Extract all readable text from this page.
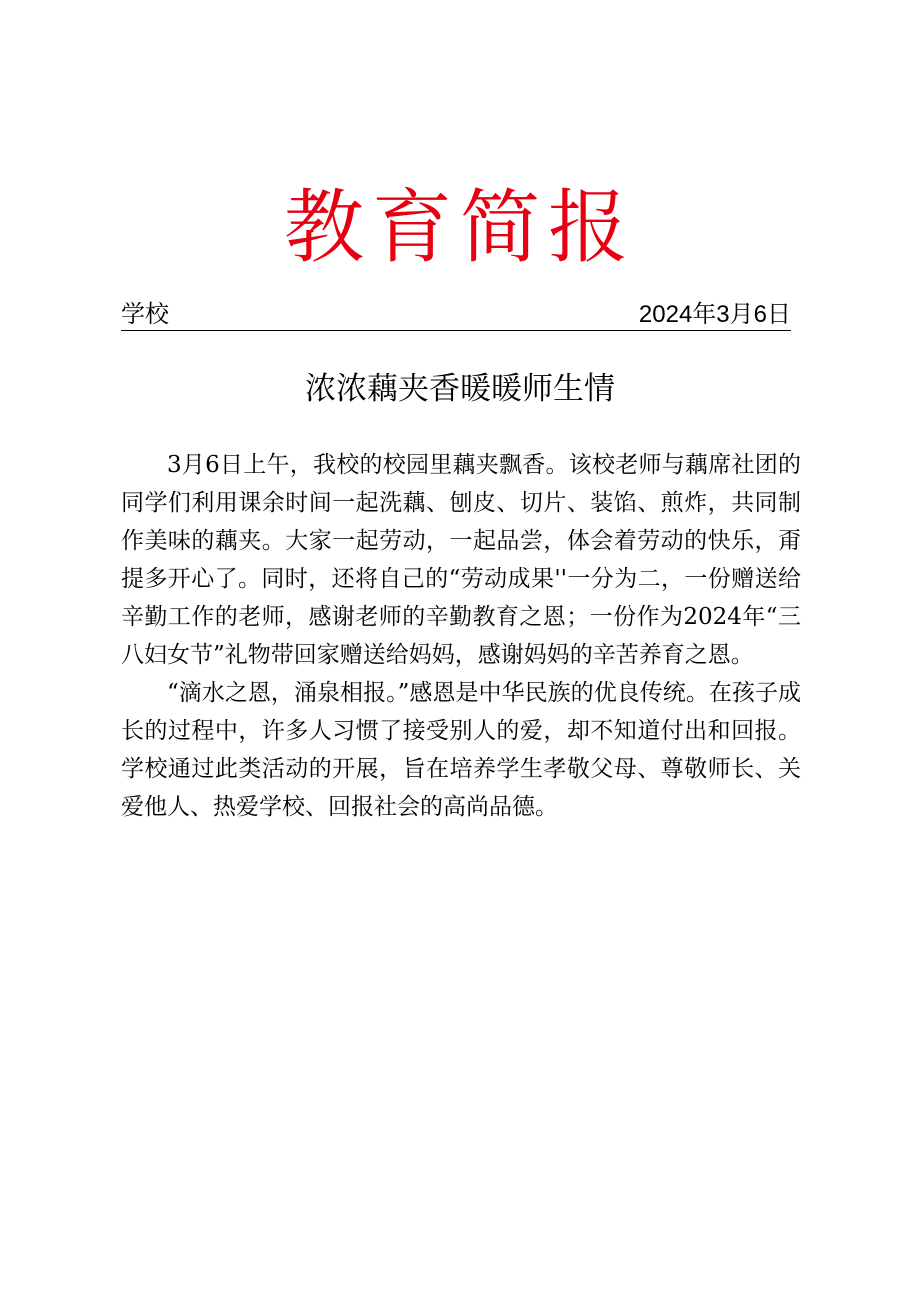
教育简报
学校	2024年3月6日
浓浓藕夹香暖暖师生情

3月6日上午，我校的校园里藕夹飘香。该校老师与藕席社团的同学们利用课余时间一起洗藕、刨皮、切片、装馅、煎炸，共同制作美味的藕夹。大家一起劳动，一起品尝，体会着劳动的快乐，甭提多开心了。同时，还将自己的“劳动成果''一分为二，一份赠送给辛勤工作的老师，感谢老师的辛勤教育之恩；一份作为2024年“三八妇女节”礼物带回家赠送给妈妈，感谢妈妈的辛苦养育之恩。

“滴水之恩，涌泉相报。”感恩是中华民族的优良传统。在孩子成长的过程中，许多人习惯了接受别人的爱，却不知道付出和回报。学校通过此类活动的开展，旨在培养学生孝敬父母、尊敬师长、关爱他人、热爱学校、回报社会的高尚品德。
